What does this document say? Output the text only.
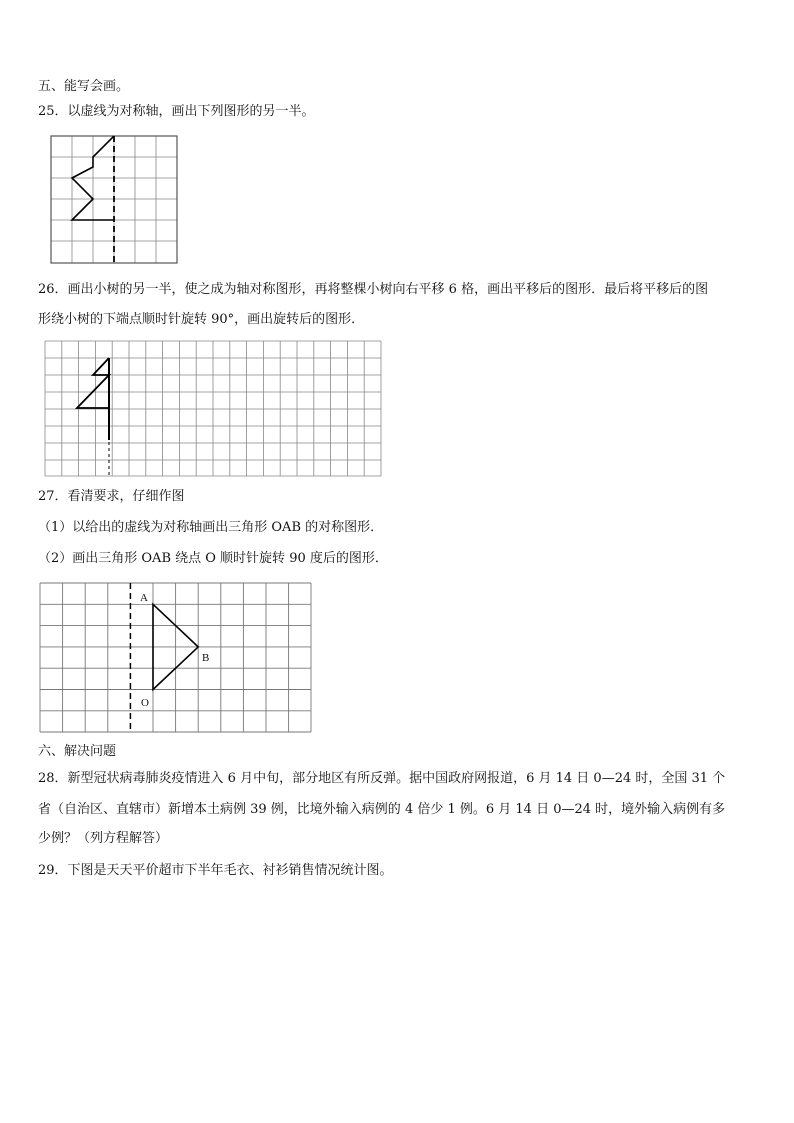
五、能写会画。
25．以虚线为对称轴，画出下列图形的另一半。
26．画出小树的另一半，使之成为轴对称图形，再将整棵小树向右平移 6 格，画出平移后的图形．最后将平移后的图
形绕小树的下端点顺时针旋转 90°，画出旋转后的图形．
27．看清要求，仔细作图
（1）以给出的虚线为对称轴画出三角形 OAB 的对称图形．
（2）画出三角形 OAB 绕点 O 顺时针旋转 90 度后的图形．
A
B
O
六、解决问题
28．新型冠状病毒肺炎疫情进入 6 月中旬，部分地区有所反弹。据中国政府网报道，6 月 14 日 0—24 时，全国 31 个
省（自治区、直辖市）新增本土病例 39 例，比境外输入病例的 4 倍少 1 例。6 月 14 日 0—24 时，境外输入病例有多
少例？（列方程解答）
29．下图是天天平价超市下半年毛衣、衬衫销售情况统计图。
